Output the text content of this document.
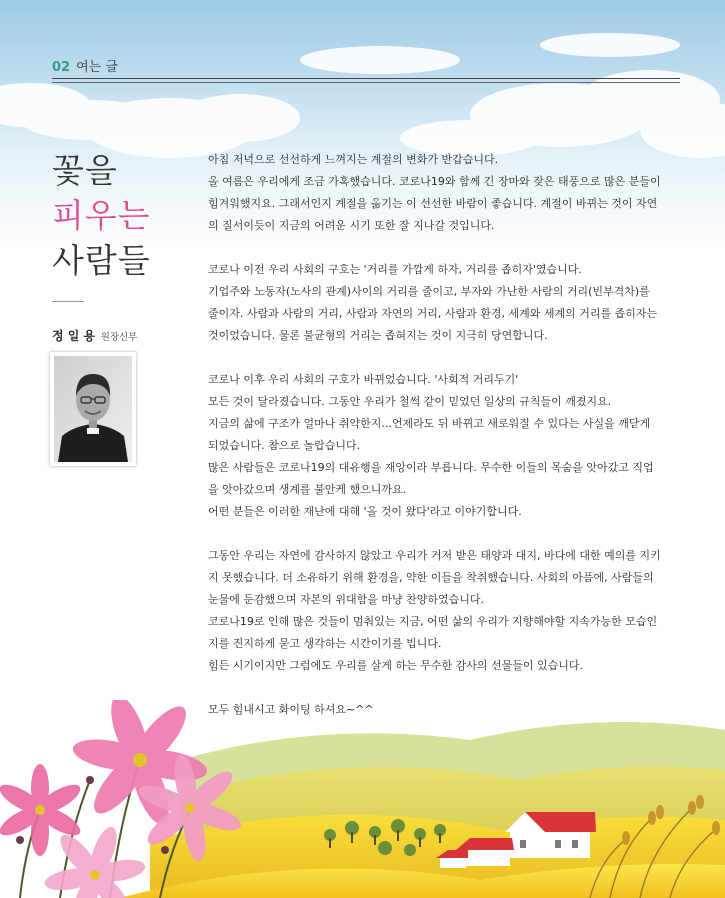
02 여는 글
꽃을
피우는
사람들
정 일 용 원장신부

아침 저녁으로 선선하게 느껴지는 계절의 변화가 반갑습니다.

올 여름은 우리에게 조금 가혹했습니다. 코로나19와 함께 긴 장마와 잦은 태풍으로 많은 분들이

힘겨워했지요. 그래서인지 계절을 옮기는 이 선선한 바람이 좋습니다. 계절이 바뀌는 것이 자연

의 질서이듯이 지금의 어려운 시기 또한 잘 지나갈 것입니다.

코로나 이전 우리 사회의 구호는 '거리를 가깝게 하자, 거리를 좁히자'였습니다.

기업주와 노동자(노사의 관계)사이의 거리를 줄이고, 부자와 가난한 사람의 거리(빈부격차)를

줄이자. 사람과 사람의 거리, 사람과 자연의 거리, 사람과 환경, 세계와 세계의 거리를 좁히자는

것이었습니다. 물론 불균형의 거리는 좁혀지는 것이 지극히 당연합니다.

코로나 이후 우리 사회의 구호가 바뀌었습니다. '사회적 거리두기'

모든 것이 달라졌습니다. 그동안 우리가 철썩 같이 믿었던 일상의 규칙들이 깨졌지요.

지금의 삶에 구조가 얼마나 취약한지...언제라도 뒤 바뀌고 새로워질 수 있다는 사실을 깨닫게

되었습니다. 참으로 놀랍습니다.

많은 사람들은 코로나19의 대유행을 재앙이라 부릅니다. 무수한 이들의 목숨을 앗아갔고 직업

을 앗아갔으며 생계를 불안케 했으니까요.

어떤 분들은 이러한 재난에 대해 '올 것이 왔다'라고 이야기합니다.

그동안 우리는 자연에 감사하지 않았고 우리가 거저 받은 태양과 대지, 바다에 대한 예의를 지키

지 못했습니다. 더 소유하기 위해 환경을, 약한 이들을 착취했습니다. 사회의 아픔에, 사람들의

눈물에 둔감했으며 자본의 위대함을 마냥 찬양하였습니다.

코로나19로 인해 많은 것들이 멈춰있는 지금, 어떤 삶의 우리가 지향해야할 지속가능한 모습인

지를 진지하게 묻고 생각하는 시간이기를 빕니다.

힘든 시기이지만 그럼에도 우리를 살게 하는 무수한 감사의 선물들이 있습니다.

모두 힘내시고 화이팅 하셔요~^^
